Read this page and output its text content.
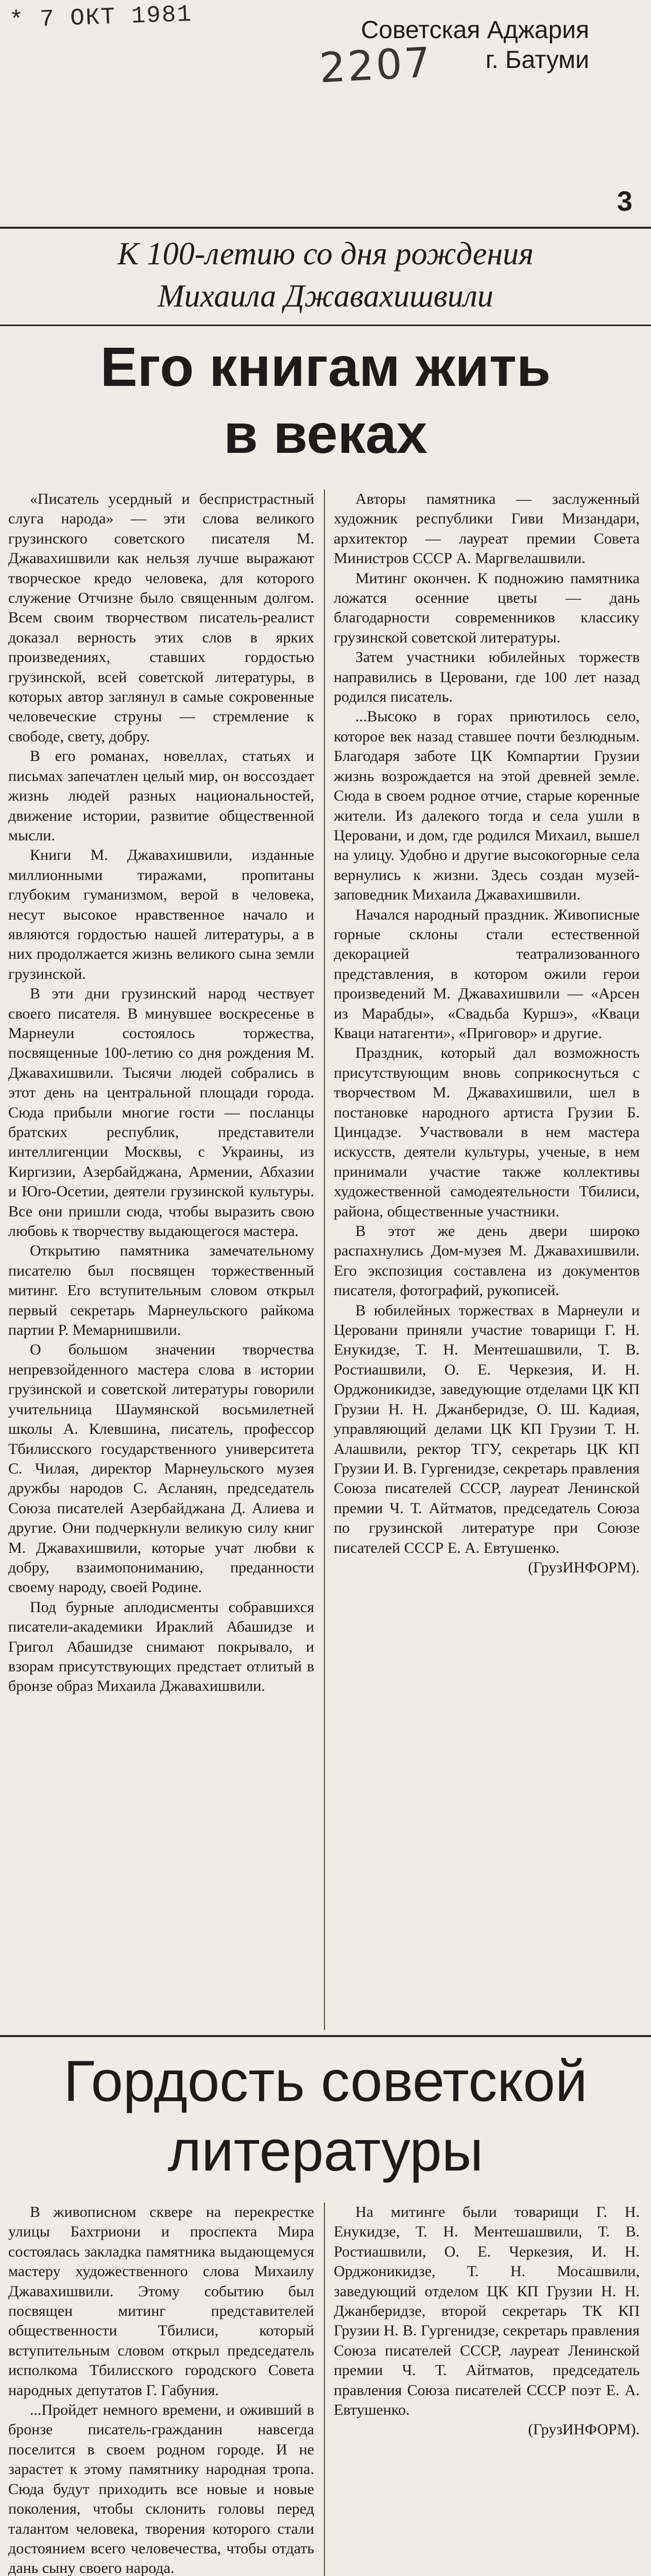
* 7 ОКТ 1981
2207
Советская Аджария
г. Батуми
3
К 100-летию со дня рождения
Михаила Джавахишвили
Его книгам жить
в веках

«Писатель усердный и беспристрастный слуга народа» — эти слова великого грузинского советского писателя М. Джавахишвили как нельзя лучше выражают творческое кредо человека, для которого служение Отчизне было священным долгом. Всем своим творчеством писатель-реалист доказал верность этих слов в ярких произведениях, ставших гордостью грузинской, всей советской литературы, в которых автор заглянул в самые сокровенные человеческие струны — стремление к свободе, свету, добру.

В его романах, новеллах, статьях и письмах запечатлен целый мир, он воссоздает жизнь людей разных национальностей, движение истории, развитие общественной мысли.

Книги М. Джавахишвили, изданные миллионными тиражами, пропитаны глубоким гуманизмом, верой в человека, несут высокое нравственное начало и являются гордостью нашей литературы, а в них продолжается жизнь великого сына земли грузинской.

В эти дни грузинский народ чествует своего писателя. В минувшее воскресенье в Марнеули состоялось торжества, посвященные 100-летию со дня рождения М. Джавахишвили. Тысячи людей собрались в этот день на центральной площади города. Сюда прибыли многие гости — посланцы братских республик, представители интеллигенции Москвы, с Украины, из Киргизии, Азербайджана, Армении, Абхазии и Юго-Осетии, деятели грузинской культуры. Все они пришли сюда, чтобы выразить свою любовь к творчеству выдающегося мастера.

Открытию памятника замечательному писателю был посвящен торжественный митинг. Его вступительным словом открыл первый секретарь Марнеульского райкома партии Р. Мемарнишвили.

О большом значении творчества непревзойденного мастера слова в истории грузинской и советской литературы говорили учительница Шаумянской восьмилетней школы А. Клевшина, писатель, профессор Тбилисского государственного университета С. Чилая, директор Марнеульского музея дружбы народов С. Асланян, председатель Союза писателей Азербайджана Д. Алиева и другие. Они подчеркнули великую силу книг М. Джавахишвили, которые учат любви к добру, взаимопониманию, преданности своему народу, своей Родине.

Под бурные аплодисменты собравшихся писатели-академики Ираклий Абашидзе и Григол Абашидзе снимают покрывало, и взорам присутствующих предстает отлитый в бронзе образ Михаила Джавахишвили.

Авторы памятника — заслуженный художник республики Гиви Мизандари, архитектор — лауреат премии Совета Министров СССР А. Маргвелашвили.

Митинг окончен. К подножию памятника ложатся осенние цветы — дань благодарности современников классику грузинской советской литературы.

Затем участники юбилейных торжеств направились в Церовани, где 100 лет назад родился писатель.

...Высоко в горах приютилось село, которое век назад ставшее почти безлюдным. Благодаря заботе ЦК Компартии Грузии жизнь возрождается на этой древней земле. Сюда в своем родное отчие, старые коренные жители. Из далекого тогда и села ушли в Церовани, и дом, где родился Михаил, вышел на улицу. Удобно и другие высокогорные села вернулись к жизни. Здесь создан музей-заповедник Михаила Джавахишвили.

Начался народный праздник. Живописные горные склоны стали естественной декорацией театрализованного представления, в котором ожили герои произведений М. Джавахишвили — «Арсен из Марабды», «Свадьба Куршэ», «Кваци Кваци натагенти», «Приговор» и другие.

Праздник, который дал возможность присутствующим вновь соприкоснуться с творчеством М. Джавахишвили, шел в постановке народного артиста Грузии Б. Цинцадзе. Участвовали в нем мастера искусств, деятели культуры, ученые, в нем принимали участие также коллективы художественной самодеятельности Тбилиси, района, общественные участники.

В этот же день двери широко распахнулись Дом-музея М. Джавахишвили. Его экспозиция составлена из документов писателя, фотографий, рукописей.

В юбилейных торжествах в Марнеули и Церовани приняли участие товарищи Г. Н. Енукидзе, Т. Н. Ментешашвили, Т. В. Ростиашвили, О. Е. Черкезия, И. Н. Орджоникидзе, заведующие отделами ЦК КП Грузии Н. Н. Джанберидзе, О. Ш. Кадиая, управляющий делами ЦК КП Грузии Т. Н. Алашвили, ректор ТГУ, секретарь ЦК КП Грузии И. В. Гургенидзе, секретарь правления Союза писателей СССР, лауреат Ленинской премии Ч. Т. Айтматов, председатель Союза по грузинской литературе при Союзе писателей СССР Е. А. Евтушенко.

(ГрузИНФОРМ).

Гордость советской
литературы

В живописном сквере на перекрестке улицы Бахтриони и проспекта Мира состоялась закладка памятника выдающемуся мастеру художественного слова Михаилу Джавахишвили. Этому событию был посвящен митинг представителей общественности Тбилиси, который вступительным словом открыл председатель исполкома Тбилисского городского Совета народных депутатов Г. Габуния.

...Пройдет немного времени, и оживший в бронзе писатель-гражданин навсегда поселится в своем родном городе. И не зарастет к этому памятнику народная тропа. Сюда будут приходить все новые и новые поколения, чтобы склонить головы перед талантом человека, творения которого стали достоянием всего человечества, чтобы отдать дань сыну своего народа.

На митинге были товарищи Г. Н. Енукидзе, Т. Н. Ментешашвили, Т. В. Ростиашвили, О. Е. Черкезия, И. Н. Орджоникидзе, Т. Н. Мосашвили, заведующий отделом ЦК КП Грузии Н. Н. Джанберидзе, второй секретарь ТК КП Грузии Н. В. Гургенидзе, секретарь правления Союза писателей СССР, лауреат Ленинской премии Ч. Т. Айтматов, председатель правления Союза писателей СССР поэт Е. А. Евтушенко.

(ГрузИНФОРМ).
